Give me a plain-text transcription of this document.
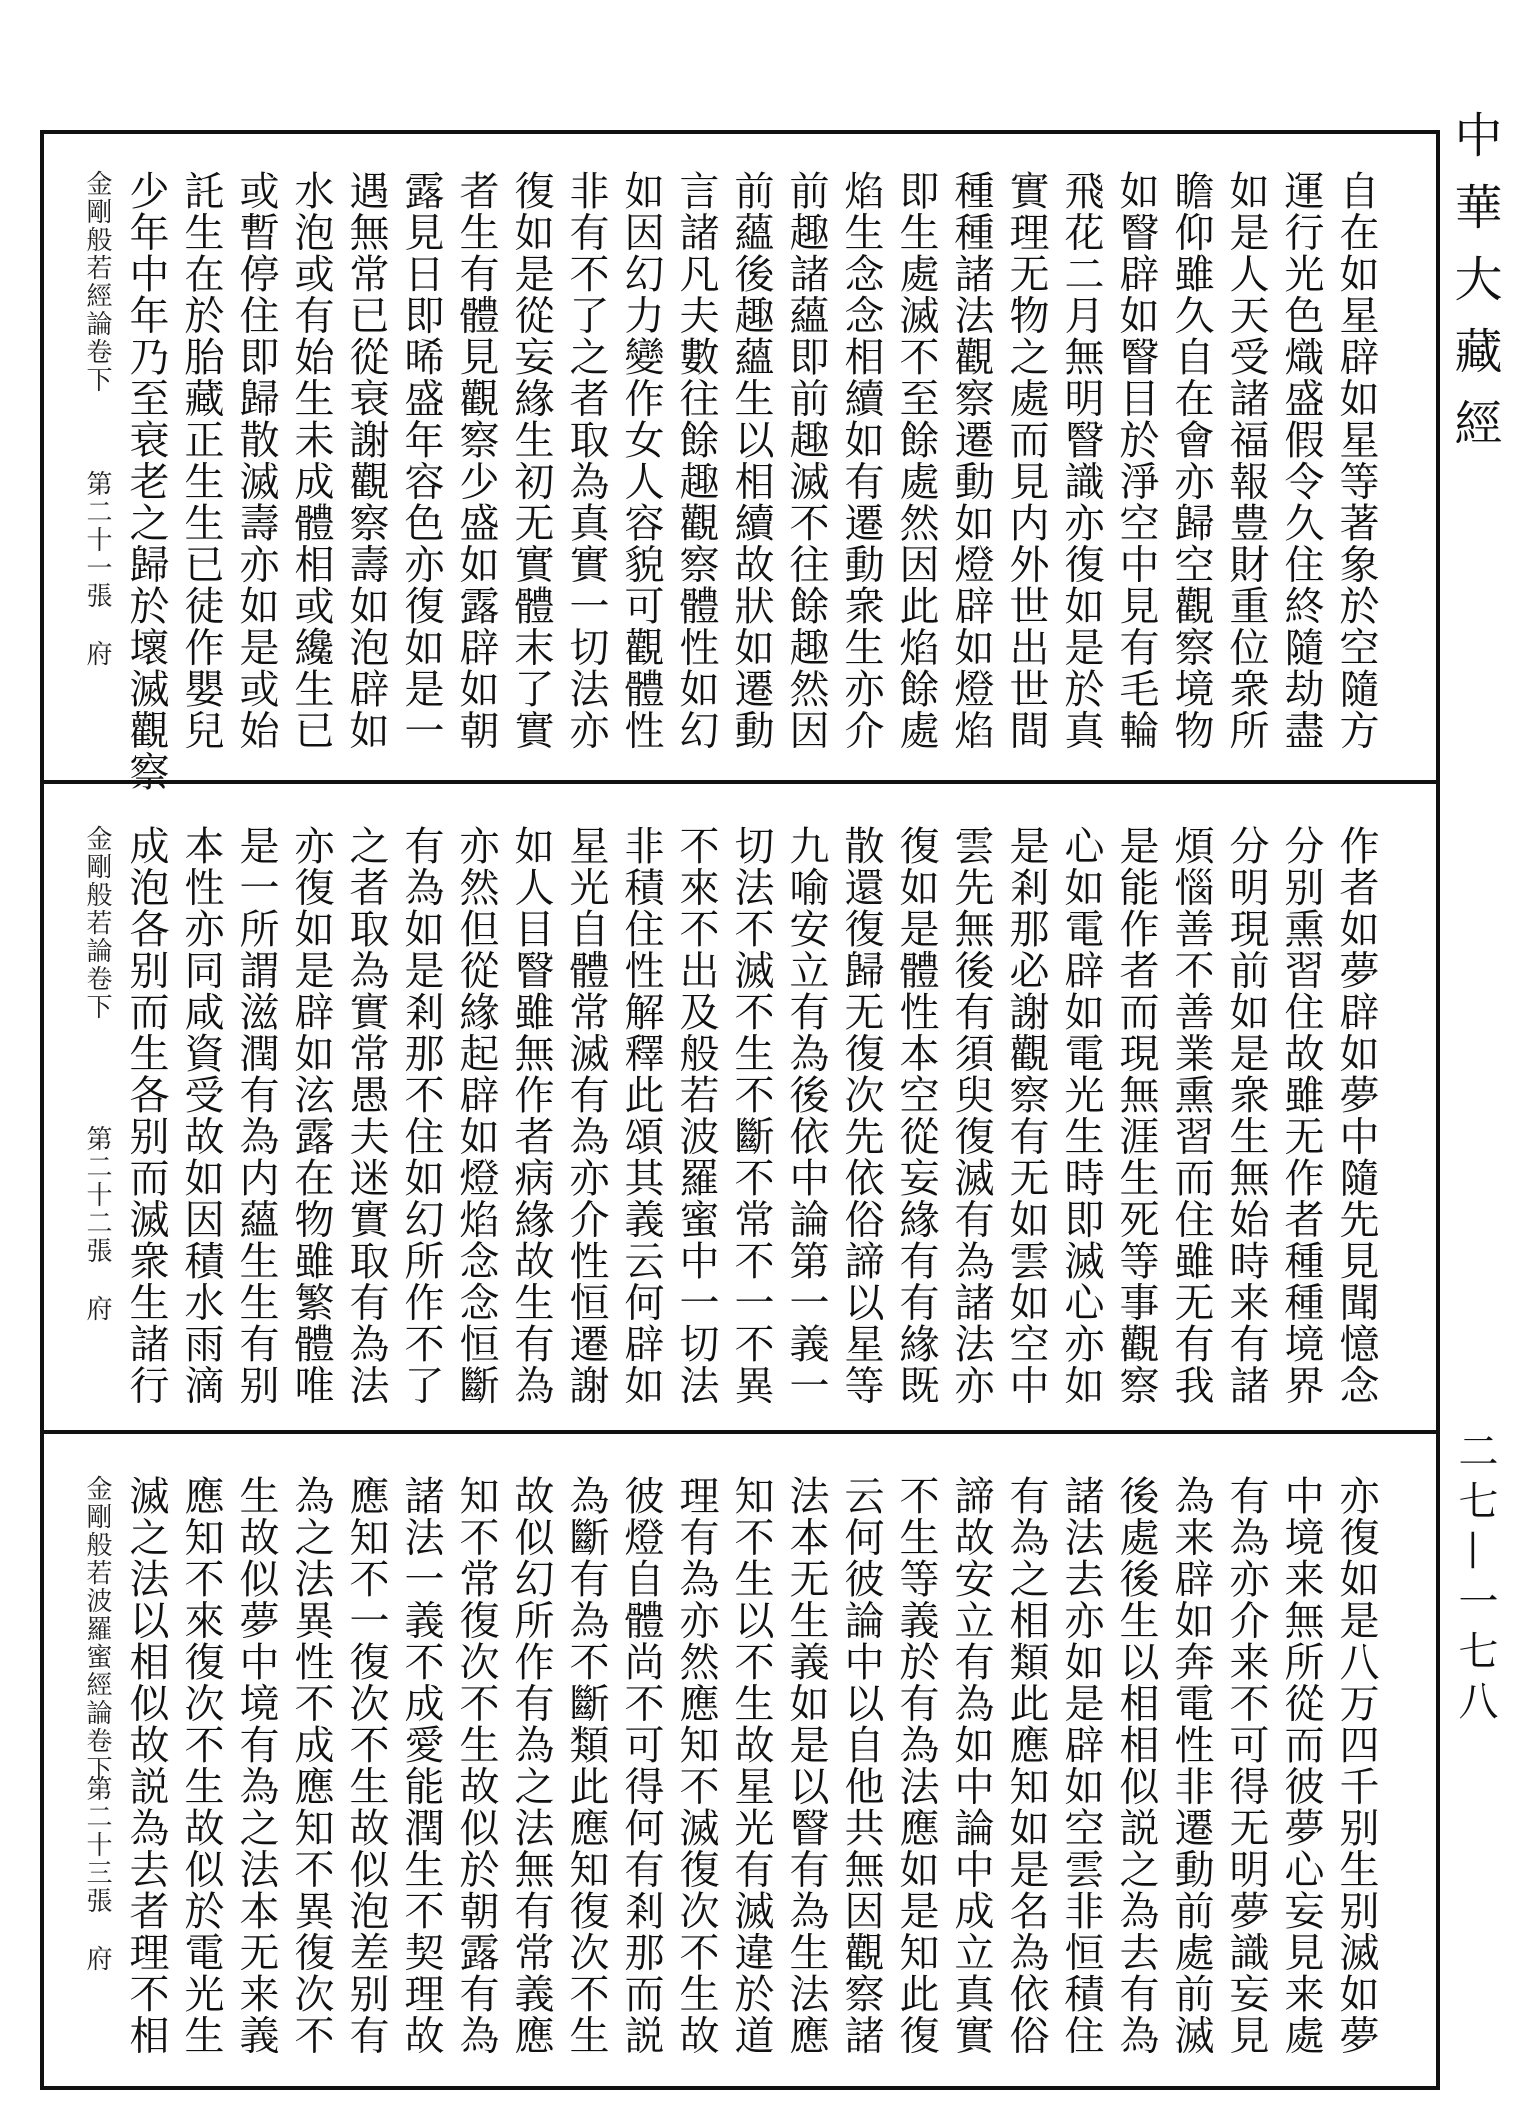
中華大藏經
二七—一七八
自在如星辟如星等著象於空隨方
運行光色熾盛假令久住終隨劫盡
如是人天受諸福報豊財重位衆所
瞻仰雖久自在會亦歸空觀察境物
如瞖辟如瞖目於淨空中見有毛輪
飛花二月無明瞖識亦復如是於真
實理无物之處而見内外世出世間
種種諸法觀察遷動如燈辟如燈焰
即生處滅不至餘處然因此焰餘處
焰生念念相續如有遷動衆生亦介
前趣諸蘊即前趣滅不往餘趣然因
前蘊後趣蘊生以相續故狀如遷動
言諸凡夫數往餘趣觀察體性如幻
如因幻力變作女人容貌可觀體性
非有不了之者取為真實一切法亦
復如是從妄緣生初无實體末了實
者生有體見觀察少盛如露辟如朝
露見日即晞盛年容色亦復如是一
遇無常已從衰謝觀察壽如泡辟如
水泡或有始生未成體相或纔生已
或暫停住即歸散滅壽亦如是或始
託生在於胎藏正生生已徒作嬰兒
少年中年乃至衰老之歸於壞滅觀察
金剛般若經論卷下
第二十一張
府
作者如夢辟如夢中隨先見聞憶念
分别熏習住故雖无作者種種境界
分明現前如是衆生無始時来有諸
煩惱善不善業熏習而住雖无有我
是能作者而現無涯生死等事觀察
心如電辟如電光生時即滅心亦如
是剎那必謝觀察有无如雲如空中
雲先無後有須臾復滅有為諸法亦
復如是體性本空從妄緣有有緣既
散還復歸无復次先依俗諦以星等
九喻安立有為後依中論第一義一
切法不滅不生不斷不常不一不異
不來不出及般若波羅蜜中一切法
非積住性解釋此頌其義云何辟如
星光自體常滅有為亦介性恒遷謝
如人目瞖雖無作者病緣故生有為
亦然但從緣起辟如燈焰念念恒斷
有為如是剎那不住如幻所作不了
之者取為實常愚夫迷實取有為法
亦復如是辟如泫露在物雖繁體唯
是一所謂滋潤有為内蘊生生有别
本性亦同咸資受故如因積水雨滴
成泡各别而生各别而滅衆生諸行
金剛般若論卷下
第二十二張
府
亦復如是八万四千别生别滅如夢
中境来無所從而彼夢心妄見来處
有為亦介来不可得无明夢識妄見
為来辟如奔電性非遷動前處前滅
後處後生以相相似説之為去有為
諸法去亦如是辟如空雲非恒積住
有為之相類此應知如是名為依俗
諦故安立有為如中論中成立真實
不生等義於有為法應如是知此復
云何彼論中以自他共無因觀察諸
法本无生義如是以瞖有為生法應
知不生以不生故星光有滅違於道
理有為亦然應知不滅復次不生故
彼燈自體尚不可得何有剎那而説
為斷有為不斷類此應知復次不生
故似幻所作有為之法無有常義應
知不常復次不生故似於朝露有為
諸法一義不成愛能潤生不契理故
應知不一復次不生故似泡差别有
為之法異性不成應知不異復次不
生故似夢中境有為之法本无来義
應知不來復次不生故似於電光生
滅之法以相似故説為去者理不相
金剛般若波羅蜜經論卷下
第二十三張
府
